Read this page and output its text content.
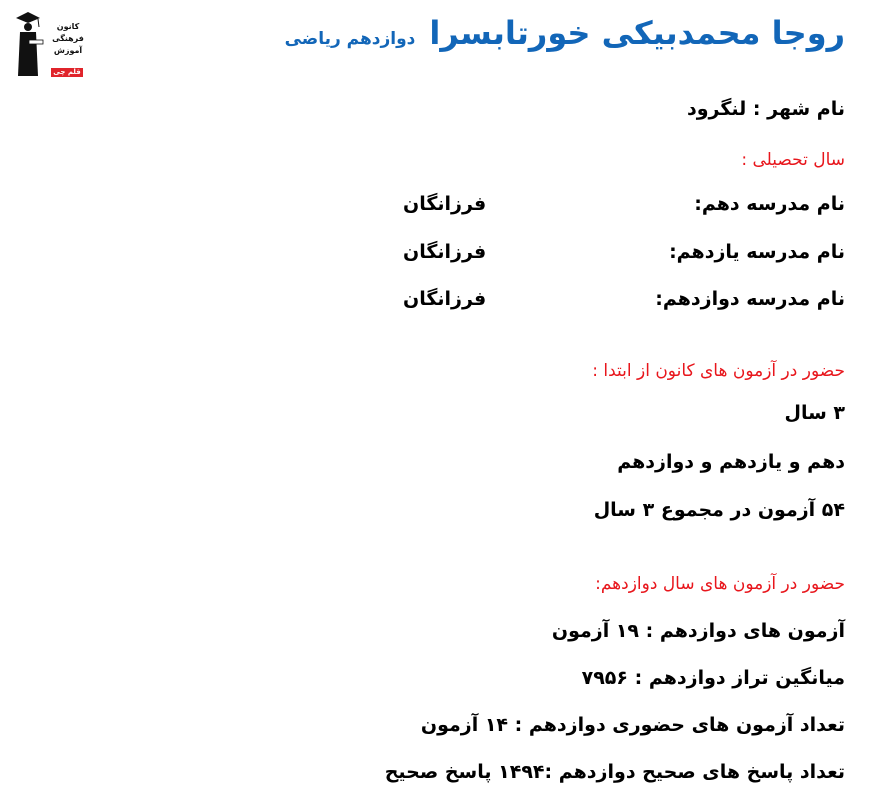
کانون
فرهنگی
آموزش
قلم چی
روجا محمدبیکی خورتابسرا
دوازدهم ریاضی
نام شهر : لنگرود
سال تحصیلی :
نام مدرسه دهم:
فرزانگان
نام مدرسه یازدهم:
فرزانگان
نام مدرسه دوازدهم:
فرزانگان
حضور در آزمون های کانون از ابتدا :
۳ سال
دهم و یازدهم و دوازدهم
۵۴ آزمون در مجموع ۳ سال
حضور در آزمون های سال دوازدهم:
آزمون های دوازدهم : ۱۹ آزمون
میانگین تراز دوازدهم : ۷۹۵۶
تعداد آزمون های حضوری دوازدهم : ۱۴ آزمون
تعداد پاسخ های صحیح دوازدهم :۱۴۹۴ پاسخ صحیح
